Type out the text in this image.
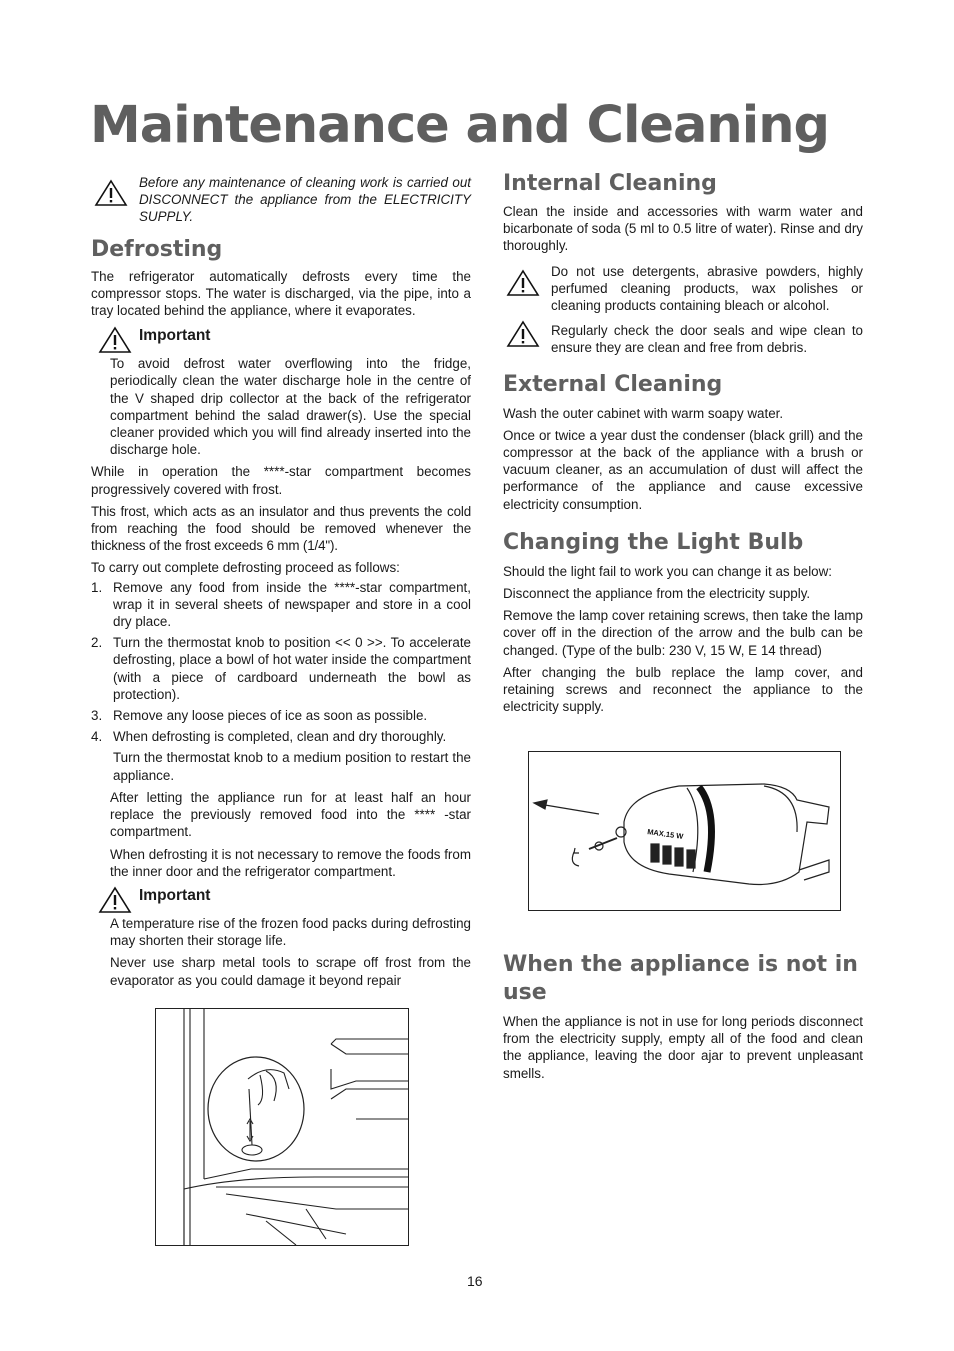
Maintenance and Cleaning

Before any maintenance of cleaning work is carried out DISCONNECT the appliance from the ELECTRICITY SUPPLY.

Defrosting

The refrigerator automatically defrosts every time the compressor stops. The water is discharged, via the pipe, into a tray located behind the appliance, where it evaporates.

Important

To avoid defrost water overflowing into the fridge, periodically clean the water discharge hole in the centre of the V shaped drip collector at the back of the refrigerator compartment behind the salad drawer(s). Use the special cleaner provided which you will find already inserted into the discharge hole.

While in operation the ****-star compartment becomes progressively covered with frost.

This frost, which acts as an insulator and thus prevents the cold from reaching the food should be removed whenever the thickness of the frost exceeds 6 mm (1/4").

To carry out complete defrosting proceed as follows:

1. Remove any food from inside the ****-star compartment, wrap it in several sheets of newspaper and store in a cool dry place.
2. Turn the thermostat knob to position << 0 >>. To accelerate defrosting, place a bowl of hot water inside the compartment (with a piece of cardboard underneath the bowl as protection).
3. Remove any loose pieces of ice as soon as possible.
4. When defrosting is completed, clean and dry thoroughly.

Turn the thermostat knob to a medium position to restart the appliance.

After letting the appliance run for at least half an hour replace the previously removed food into the **** -star compartment.

When defrosting it is not necessary to remove the foods from the inner door and the refrigerator compartment.

Important

A temperature rise of the frozen food packs during defrosting may shorten their storage life.

Never use sharp metal tools to scrape off frost from the evaporator as you could damage it beyond repair

Internal Cleaning

Clean the inside and accessories with warm water and bicarbonate of soda (5 ml to 0.5 litre of water). Rinse and dry thoroughly.

Do not use detergents, abrasive powders, highly perfumed cleaning products, wax polishes or cleaning products containing bleach or alcohol.

Regularly check the door seals and wipe clean to ensure they are clean and free from debris.

External Cleaning

Wash the outer cabinet with warm soapy water.

Once or twice a year dust the condenser (black grill) and the compressor at the back of the appliance with a brush or vacuum cleaner, as an accumulation of dust will affect the performance of the appliance and cause excessive electricity consumption.

Changing the Light Bulb

Should the light fail to work you can change it as below:

Disconnect the appliance from the electricity supply.

Remove the lamp cover retaining screws, then take the lamp cover off in the direction of the arrow and the bulb can be changed. (Type of the bulb: 230 V, 15 W, E 14 thread)

After changing the bulb replace the lamp cover, and retaining screws and reconnect the appliance to the electricity supply.

MAX.15 W
When the appliance is not in use

When the appliance is not in use for long periods disconnect from the electricity supply, empty all of the food and clean the appliance, leaving the door ajar to prevent unpleasant smells.

16
